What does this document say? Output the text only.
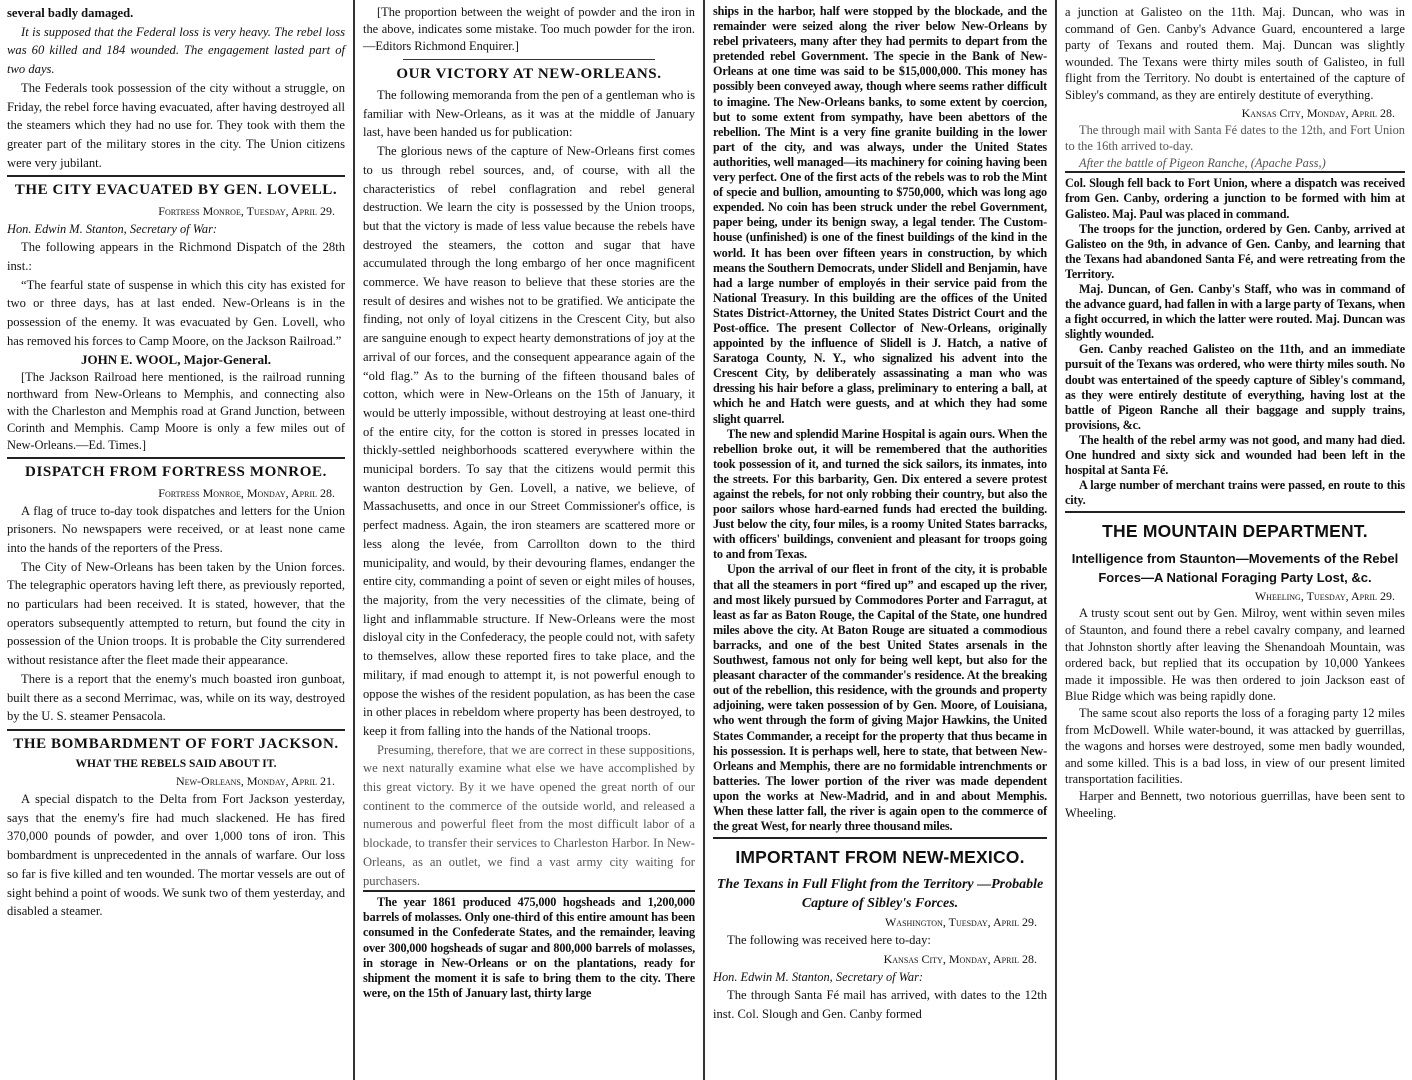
several badly damaged.

It is supposed that the Federal loss is very heavy. The rebel loss was 60 killed and 184 wounded. The engagement lasted part of two days.

The Federals took possession of the city without a struggle, on Friday, the rebel force having evacuated, after having destroyed all the steamers which they had no use for. They took with them the greater part of the military stores in the city. The Union citizens were very jubilant.

THE CITY EVACUATED BY GEN. LOVELL.
Fortress Monroe, Tuesday, April 29.
Hon. Edwin M. Stanton, Secretary of War:

The following appears in the Richmond Dispatch of the 28th inst.:

“The fearful state of suspense in which this city has existed for two or three days, has at last ended. New-Orleans is in the possession of the enemy. It was evacuated by Gen. Lovell, who has removed his forces to Camp Moore, on the Jackson Railroad.”

JOHN E. WOOL, Major-General.
[The Jackson Railroad here mentioned, is the railroad running northward from New-Orleans to Memphis, and connecting also with the Charleston and Memphis road at Grand Junction, between Corinth and Memphis. Camp Moore is only a few miles out of New-Orleans.—Ed. Times.]
DISPATCH FROM FORTRESS MONROE.
Fortress Monroe, Monday, April 28.

A flag of truce to-day took dispatches and letters for the Union prisoners. No newspapers were received, or at least none came into the hands of the reporters of the Press.

The City of New-Orleans has been taken by the Union forces. The telegraphic operators having left there, as previously reported, no particulars had been received. It is stated, however, that the operators subsequently attempted to return, but found the city in possession of the Union troops. It is probable the City surrendered without resistance after the fleet made their appearance.

There is a report that the enemy's much boasted iron gunboat, built there as a second Merrimac, was, while on its way, destroyed by the U. S. steamer Pensacola.

THE BOMBARDMENT OF FORT JACKSON.
WHAT THE REBELS SAID ABOUT IT.
New-Orleans, Monday, April 21.

A special dispatch to the Delta from Fort Jackson yesterday, says that the enemy's fire had much slackened. He has fired 370,000 pounds of powder, and over 1,000 tons of iron. This bombardment is unprecedented in the annals of warfare. Our loss so far is five killed and ten wounded. The mortar vessels are out of sight behind a point of woods. We sunk two of them yesterday, and disabled a steamer.

[The proportion between the weight of powder and the iron in the above, indicates some mistake. Too much powder for the iron.—Editors Richmond Enquirer.]
OUR VICTORY AT NEW-ORLEANS.

The following memoranda from the pen of a gentleman who is familiar with New-Orleans, as it was at the middle of January last, have been handed us for publication:

The glorious news of the capture of New-Orleans first comes to us through rebel sources, and, of course, with all the characteristics of rebel conflagration and rebel general destruction. We learn the city is possessed by the Union troops, but that the victory is made of less value because the rebels have destroyed the steamers, the cotton and sugar that have accumulated through the long embargo of her once magnificent commerce. We have reason to believe that these stories are the result of desires and wishes not to be gratified. We anticipate the finding, not only of loyal citizens in the Crescent City, but also are sanguine enough to expect hearty demonstrations of joy at the arrival of our forces, and the consequent appearance again of the “old flag.” As to the burning of the fifteen thousand bales of cotton, which were in New-Orleans on the 15th of January, it would be utterly impossible, without destroying at least one-third of the entire city, for the cotton is stored in presses located in thickly-settled neighborhoods scattered everywhere within the municipal borders. To say that the citizens would permit this wanton destruction by Gen. Lovell, a native, we believe, of Massachusetts, and once in our Street Commissioner's office, is perfect madness. Again, the iron steamers are scattered more or less along the levée, from Carrollton down to the third municipality, and would, by their devouring flames, endanger the entire city, commanding a point of seven or eight miles of houses, the majority, from the very necessities of the climate, being of light and inflammable structure. If New-Orleans were the most disloyal city in the Confederacy, the people could not, with safety to themselves, allow these reported fires to take place, and the military, if mad enough to attempt it, is not powerful enough to oppose the wishes of the resident population, as has been the case in other places in rebeldom where property has been destroyed, to keep it from falling into the hands of the National troops.

Presuming, therefore, that we are correct in these suppositions, we next naturally examine what else we have accomplished by this great victory. By it we have opened the great north of our continent to the commerce of the outside world, and released a numerous and powerful fleet from the most difficult labor of a blockade, to transfer their services to Charleston Harbor. In New-Orleans, as an outlet, we find a vast army city waiting for purchasers.

The year 1861 produced 475,000 hogsheads and 1,200,000 barrels of molasses. Only one-third of this entire amount has been consumed in the Confederate States, and the remainder, leaving over 300,000 hogsheads of sugar and 800,000 barrels of molasses, in storage in New-Orleans or on the plantations, ready for shipment the moment it is safe to bring them to the city. There were, on the 15th of January last, thirty large

ships in the harbor, half were stopped by the blockade, and the remainder were seized along the river below New-Orleans by rebel privateers, many after they had permits to depart from the pretended rebel Government. The specie in the Bank of New-Orleans at one time was said to be $15,000,000. This money has possibly been conveyed away, though where seems rather difficult to imagine. The New-Orleans banks, to some extent by coercion, but to some extent from sympathy, have been abettors of the rebellion. The Mint is a very fine granite building in the lower part of the city, and was always, under the United States authorities, well managed—its machinery for coining having been very perfect. One of the first acts of the rebels was to rob the Mint of specie and bullion, amounting to $750,000, which was long ago expended. No coin has been struck under the rebel Government, paper being, under its benign sway, a legal tender. The Custom-house (unfinished) is one of the finest buildings of the kind in the world. It has been over fifteen years in construction, by which means the Southern Democrats, under Slidell and Benjamin, have had a large number of employés in their service paid from the National Treasury. In this building are the offices of the United States District-Attorney, the United States District Court and the Post-office. The present Collector of New-Orleans, originally appointed by the influence of Slidell is J. Hatch, a native of Saratoga County, N. Y., who signalized his advent into the Crescent City, by deliberately assassinating a man who was dressing his hair before a glass, preliminary to entering a ball, at which he and Hatch were guests, and at which they had some slight quarrel.

The new and splendid Marine Hospital is again ours. When the rebellion broke out, it will be remembered that the authorities took possession of it, and turned the sick sailors, its inmates, into the streets. For this barbarity, Gen. Dix entered a severe protest against the rebels, for not only robbing their country, but also the poor sailors whose hard-earned funds had erected the building. Just below the city, four miles, is a roomy United States barracks, with officers' buildings, convenient and pleasant for troops going to and from Texas.

Upon the arrival of our fleet in front of the city, it is probable that all the steamers in port “fired up” and escaped up the river, and most likely pursued by Commodores Porter and Farragut, at least as far as Baton Rouge, the Capital of the State, one hundred miles above the city. At Baton Rouge are situated a commodious barracks, and one of the best United States arsenals in the Southwest, famous not only for being well kept, but also for the pleasant character of the commander's residence. At the breaking out of the rebellion, this residence, with the grounds and property adjoining, were taken possession of by Gen. Moore, of Louisiana, who went through the form of giving Major Hawkins, the United States Commander, a receipt for the property that thus became in his possession. It is perhaps well, here to state, that between New-Orleans and Memphis, there are no formidable intrenchments or batteries. The lower portion of the river was made dependent upon the works at New-Madrid, and in and about Memphis. When these latter fall, the river is again open to the commerce of the great West, for nearly three thousand miles.

IMPORTANT FROM NEW-MEXICO.
The Texans in Full Flight from the Territory —Probable Capture of Sibley's Forces.
Washington, Tuesday, April 29.

The following was received here to-day:

Kansas City, Monday, April 28.
Hon. Edwin M. Stanton, Secretary of War:

The through Santa Fé mail has arrived, with dates to the 12th inst. Col. Slough and Gen. Canby formed

a junction at Galisteo on the 11th. Maj. Duncan, who was in command of Gen. Canby's Advance Guard, encountered a large party of Texans and routed them. Maj. Duncan was slightly wounded. The Texans were thirty miles south of Galisteo, in full flight from the Territory. No doubt is entertained of the capture of Sibley's command, as they are entirely destitute of everything.

Kansas City, Monday, April 28.

The through mail with Santa Fé dates to the 12th, and Fort Union to the 16th arrived to-day.

After the battle of Pigeon Ranche, (Apache Pass,)

Col. Slough fell back to Fort Union, where a dispatch was received from Gen. Canby, ordering a junction to be formed with him at Galisteo. Maj. Paul was placed in command.

The troops for the junction, ordered by Gen. Canby, arrived at Galisteo on the 9th, in advance of Gen. Canby, and learning that the Texans had abandoned Santa Fé, and were retreating from the Territory.

Maj. Duncan, of Gen. Canby's Staff, who was in command of the advance guard, had fallen in with a large party of Texans, when a fight occurred, in which the latter were routed. Maj. Duncan was slightly wounded.

Gen. Canby reached Galisteo on the 11th, and an immediate pursuit of the Texans was ordered, who were thirty miles south. No doubt was entertained of the speedy capture of Sibley's command, as they were entirely destitute of everything, having lost at the battle of Pigeon Ranche all their baggage and supply trains, provisions, &c.

The health of the rebel army was not good, and many had died. One hundred and sixty sick and wounded had been left in the hospital at Santa Fé.

A large number of merchant trains were passed, en route to this city.

THE MOUNTAIN DEPARTMENT.
Intelligence from Staunton—Movements of the Rebel Forces—A National Foraging Party Lost, &c.
Wheeling, Tuesday, April 29.

A trusty scout sent out by Gen. Milroy, went within seven miles of Staunton, and found there a rebel cavalry company, and learned that Johnston shortly after leaving the Shenandoah Mountain, was ordered back, but replied that its occupation by 10,000 Yankees made it impossible. He was then ordered to join Jackson east of Blue Ridge which was being rapidly done.

The same scout also reports the loss of a foraging party 12 miles from McDowell. While water-bound, it was attacked by guerrillas, the wagons and horses were destroyed, some men badly wounded, and some killed. This is a bad loss, in view of our present limited transportation facilities.

Harper and Bennett, two notorious guerrillas, have been sent to Wheeling.
